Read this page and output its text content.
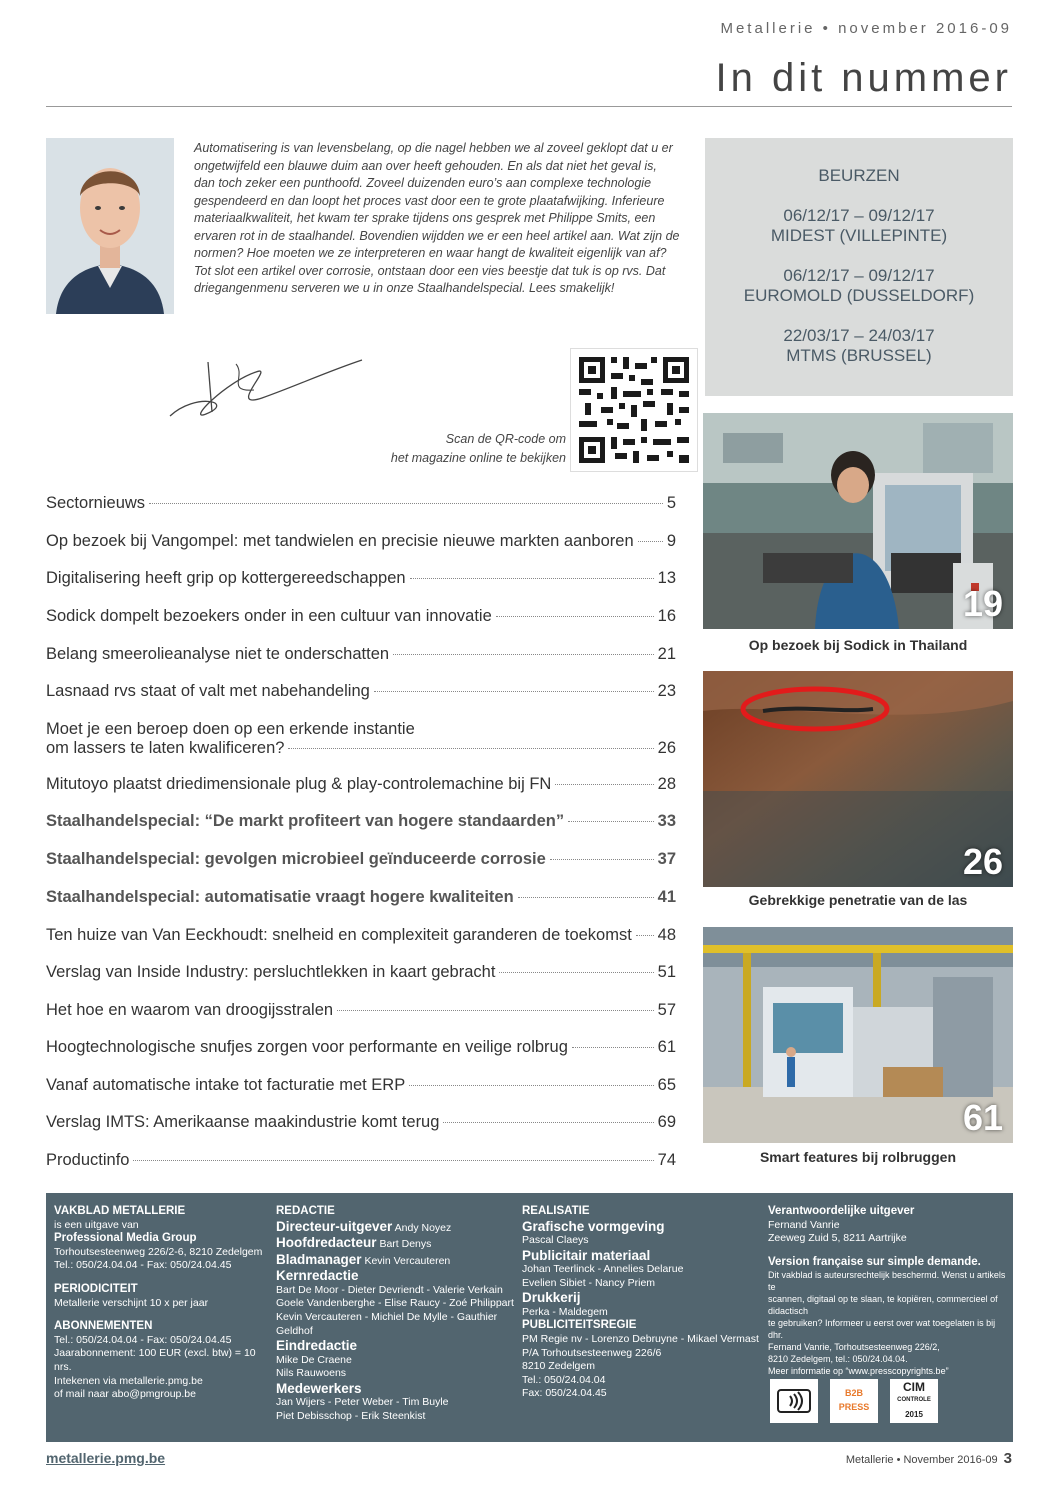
Metallerie • november 2016-09
In dit nummer

Automatisering is van levensbelang, op die nagel hebben we al zoveel geklopt dat u er ongetwijfeld een blauwe duim aan over heeft gehouden. En als dat niet het geval is, dan toch zeker een punthoofd. Zoveel duizenden euro’s aan complexe technologie gespendeerd en dan loopt het proces vast door een te grote plaatafwijking. Inferieure materiaalkwaliteit, het kwam ter sprake tijdens ons gesprek met Philippe Smits, een ervaren rot in de staalhandel. Bovendien wijdden we er een heel artikel aan. Wat zijn de normen? Hoe moeten we ze interpreteren en waar hangt de kwaliteit eigenlijk van af? Tot slot een artikel over corrosie, ontstaan door een vies beestje dat tuk is op rvs. Dat driegangenmenu serveren we u in onze Staalhandelspecial. Lees smakelijk!

Scan de QR-code om
het magazine online te bekijken
BEURZEN
06/12/17 – 09/12/17
MIDEST (VILLEPINTE)
06/12/17 – 09/12/17
EUROMOLD (DUSSELDORF)
22/03/17 – 24/03/17
MTMS (BRUSSEL)
19
Op bezoek bij Sodick in Thailand
26
Gebrekkige penetratie van de las
61
Smart features bij rolbruggen
Sectornieuws	5
Op bezoek bij Vangompel: met tandwielen en precisie nieuwe markten aanboren 9
Digitalisering heeft grip op kottergereedschappen	13
Sodick dompelt bezoekers onder in een cultuur van innovatie	16
Belang smeerolieanalyse niet te onderschatten	21
Lasnaad rvs staat of valt met nabehandeling	23
Moet je een beroep doen op een erkende instantie
om lassers te laten kwalificeren?	26
Mitutoyo plaatst driedimensionale plug & play-controlemachine bij FN	28
Staalhandelspecial: “De markt profiteert van hogere standaarden”	33
Staalhandelspecial: gevolgen microbieel geïnduceerde corrosie	37
Staalhandelspecial: automatisatie vraagt hogere kwaliteiten	41
Ten huize van Van Eeckhoudt: snelheid en complexiteit garanderen de toekomst 48
Verslag van Inside Industry: persluchtlekken in kaart gebracht	51
Het hoe en waarom van droogijsstralen	57
Hoogtechnologische snufjes zorgen voor performante en veilige rolbrug	61
Vanaf automatische intake tot facturatie met ERP	65
Verslag IMTS: Amerikaanse maakindustrie komt terug	69
Productinfo	74
VAKBLAD METALLERIE
is een uitgave van
Professional Media Group
Torhoutsesteenweg 226/2-6, 8210 Zedelgem
Tel.: 050/24.04.04 - Fax: 050/24.04.45
PERIODICITEIT
Metallerie verschijnt 10 x per jaar
ABONNEMENTEN
Tel.: 050/24.04.04 - Fax: 050/24.04.45
Jaarabonnement: 100 EUR (excl. btw) = 10 nrs.
Intekenen via metallerie.pmg.be
of mail naar abo@pmgroup.be
REDACTIE
Directeur-uitgever Andy Noyez
Hoofdredacteur Bart Denys
Bladmanager Kevin Vercauteren
Kernredactie
Bart De Moor - Dieter Devriendt - Valerie Verkain
Goele Vandenberghe - Elise Raucy - Zoé Philippart
Kevin Vercauteren - Michiel De Mylle - Gauthier Geldhof
Eindredactie
Mike De Craene
Nils Rauwoens
Medewerkers
Jan Wijers - Peter Weber - Tim Buyle
Piet Debisschop - Erik Steenkist
REALISATIE
Grafische vormgeving
Pascal Claeys
Publicitair materiaal
Johan Teerlinck - Annelies Delarue
Evelien Sibiet - Nancy Priem
Drukkerij
Perka - Maldegem
PUBLICITEITSREGIE
PM Regie nv - Lorenzo Debruyne - Mikael Vermast
P/A Torhoutsesteenweg 226/6
8210 Zedelgem
Tel.: 050/24.04.04
Fax: 050/24.04.45
Verantwoordelijke uitgever
Fernand Vanrie
Zeeweg Zuid 5, 8211 Aartrijke
Version française sur simple demande.
Dit vakblad is auteursrechtelijk beschermd. Wenst u artikels te
scannen, digitaal op te slaan, te kopiëren, commercieel of didactisch
te gebruiken? Informeer u eerst over wat toegelaten is bij dhr.
Fernand Vanrie, Torhoutsesteenweg 226/2,
8210 Zedelgem, tel.: 050/24.04.04.
Meer informatie op “www.presscopyrights.be”
B2B PRESS
CIM
CONTROLE
2015
metallerie.pmg.be	Metallerie • November 2016-09 3
